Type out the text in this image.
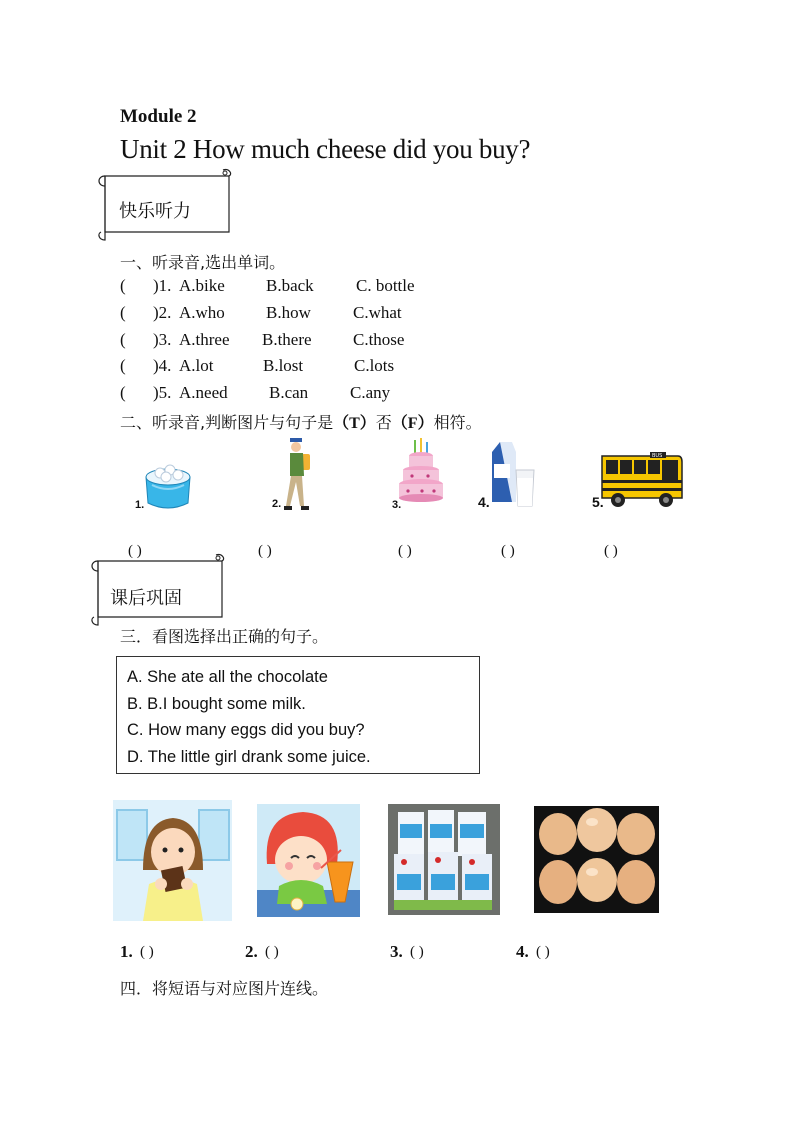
Module 2
Unit 2 How much cheese did you buy?
快乐听力
一、听录音,选出单词。
( )1. A.bike B.back C. bottle
( )2. A.who B.how C.what
( )3. A.three B.there C.those
( )4. A.lot	B.lost	C.lots
( )5. A.need B.can C.any
二、听录音,判断图片与句子是（T）否（F）相符。
1.	2.	3.	4.	5.
BUS
( )	( )	( )	( )	( )
课后巩固
三．看图选择出正确的句子。
A. She ate all the chocolate
B. B.I bought some milk.
C. How many eggs did you buy?
D. The little girl drank some juice.
1. ( )	2. ( )	3. ( )	4. ( )
四．将短语与对应图片连线。
